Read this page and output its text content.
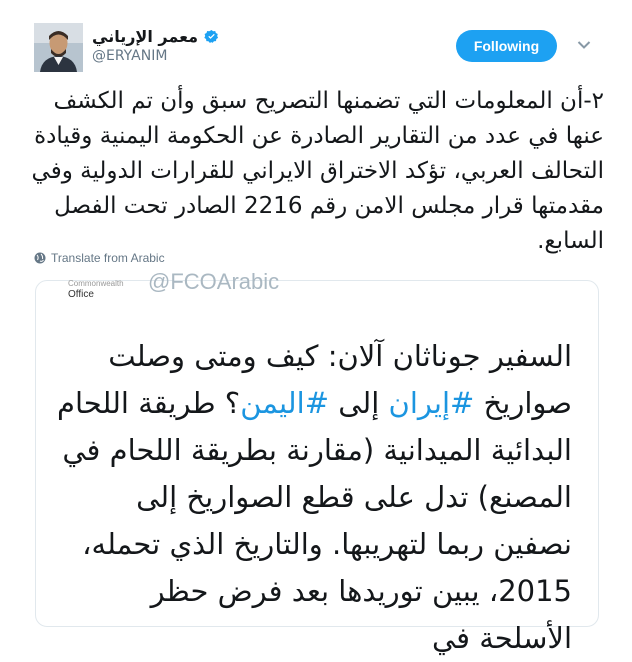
معمر الإرياني
@ERYANIM
Following
٢-أن المعلومات التي تضمنها التصريح سبق وأن تم الكشف عنها في عدد من التقارير الصادرة عن الحكومة اليمنية وقيادة التحالف العربي، تؤكد الاختراق الايراني للقرارات الدولية وفي مقدمتها قرار مجلس الامن رقم 2216 الصادر تحت الفصل السابع.
Translate from Arabic
Commonwealth
Office
@FCOArabic
السفير جوناثان آلان: كيف ومتى وصلت صواريخ #إيران إلى #اليمن؟ طريقة اللحام البدائية الميدانية (مقارنة بطريقة اللحام في المصنع) تدل على قطع الصواريخ إلى نصفين ربما لتهريبها. والتاريخ الذي تحمله، 2015، يبين توريدها بعد فرض حظر الأسلحة في
